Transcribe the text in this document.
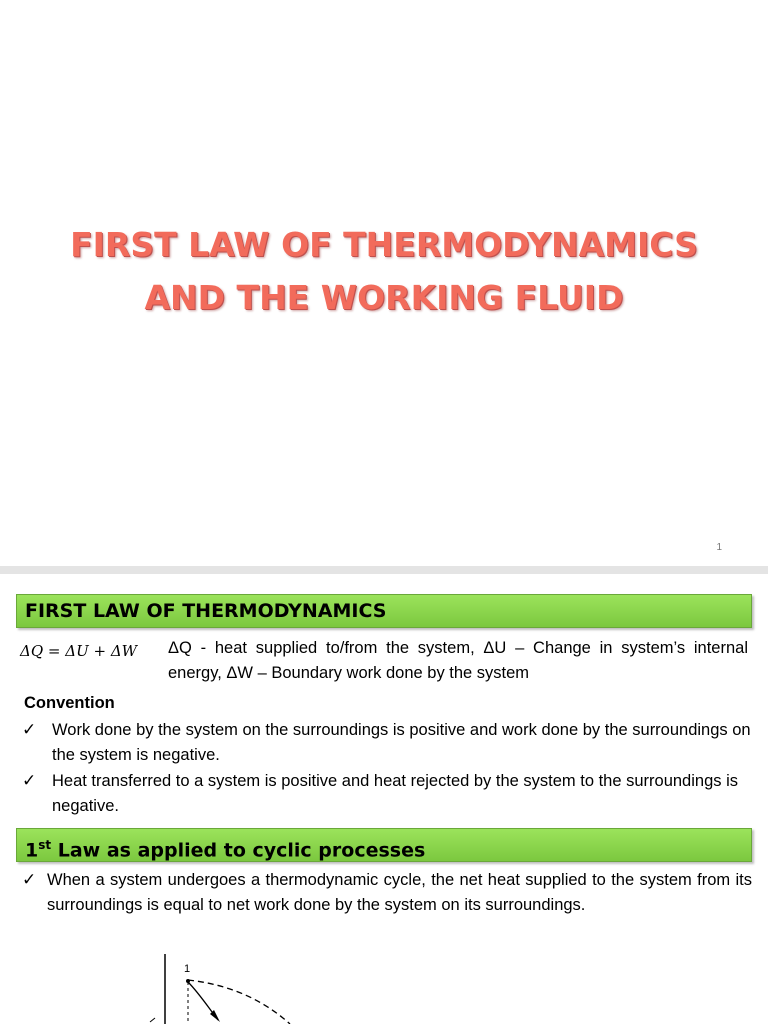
FIRST LAW OF THERMODYNAMICS
AND THE WORKING FLUID
1
FIRST LAW OF THERMODYNAMICS
ΔQ = ΔU + ΔW ΔQ - heat supplied to/from the system, ΔU – Change in system’s internal energy, ΔW – Boundary work done by the system
Convention
✓ Work done by the system on the surroundings is positive and work done by the surroundings on the system is negative.
✓ Heat transferred to a system is positive and heat rejected by the system to the surroundings is negative.
1st Law as applied to cyclic processes
✓ When a system undergoes a thermodynamic cycle, the net heat supplied to the system from its surroundings is equal to net work done by the system on its surroundings.
1
